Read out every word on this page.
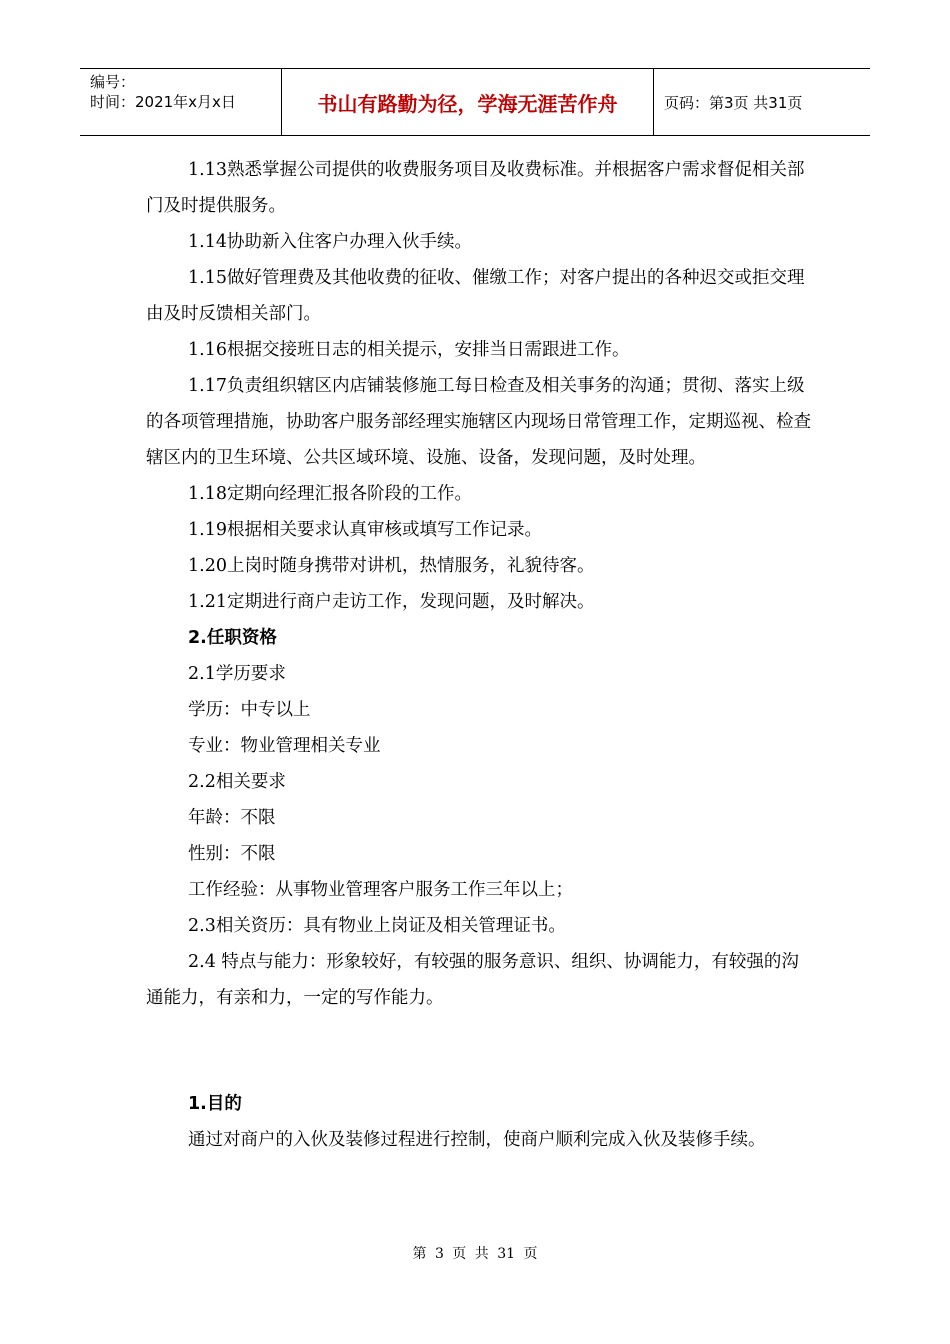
编号：
时间：2021年x月x日	书山有路勤为径，学海无涯苦作舟	页码：第3页 共31页

1.13熟悉掌握公司提供的收费服务项目及收费标准。并根据客户需求督促相关部门及时提供服务。

1.14协助新入住客户办理入伙手续。

1.15做好管理费及其他收费的征收、催缴工作；对客户提出的各种迟交或拒交理由及时反馈相关部门。

1.16根据交接班日志的相关提示，安排当日需跟进工作。

1.17负责组织辖区内店铺装修施工每日检查及相关事务的沟通；贯彻、落实上级的各项管理措施，协助客户服务部经理实施辖区内现场日常管理工作，定期巡视、检查辖区内的卫生环境、公共区域环境、设施、设备，发现问题，及时处理。

1.18定期向经理汇报各阶段的工作。

1.19根据相关要求认真审核或填写工作记录。

1.20上岗时随身携带对讲机，热情服务，礼貌待客。

1.21定期进行商户走访工作，发现问题，及时解决。

2.任职资格

2.1学历要求

学历：中专以上

专业：物业管理相关专业

2.2相关要求

年龄：不限

性别：不限

工作经验：从事物业管理客户服务工作三年以上；

2.3相关资历：具有物业上岗证及相关管理证书。

2.4 特点与能力：形象较好，有较强的服务意识、组织、协调能力，有较强的沟通能力，有亲和力，一定的写作能力。

1.目的

通过对商户的入伙及装修过程进行控制，使商户顺利完成入伙及装修手续。

第 3 页 共 31 页
